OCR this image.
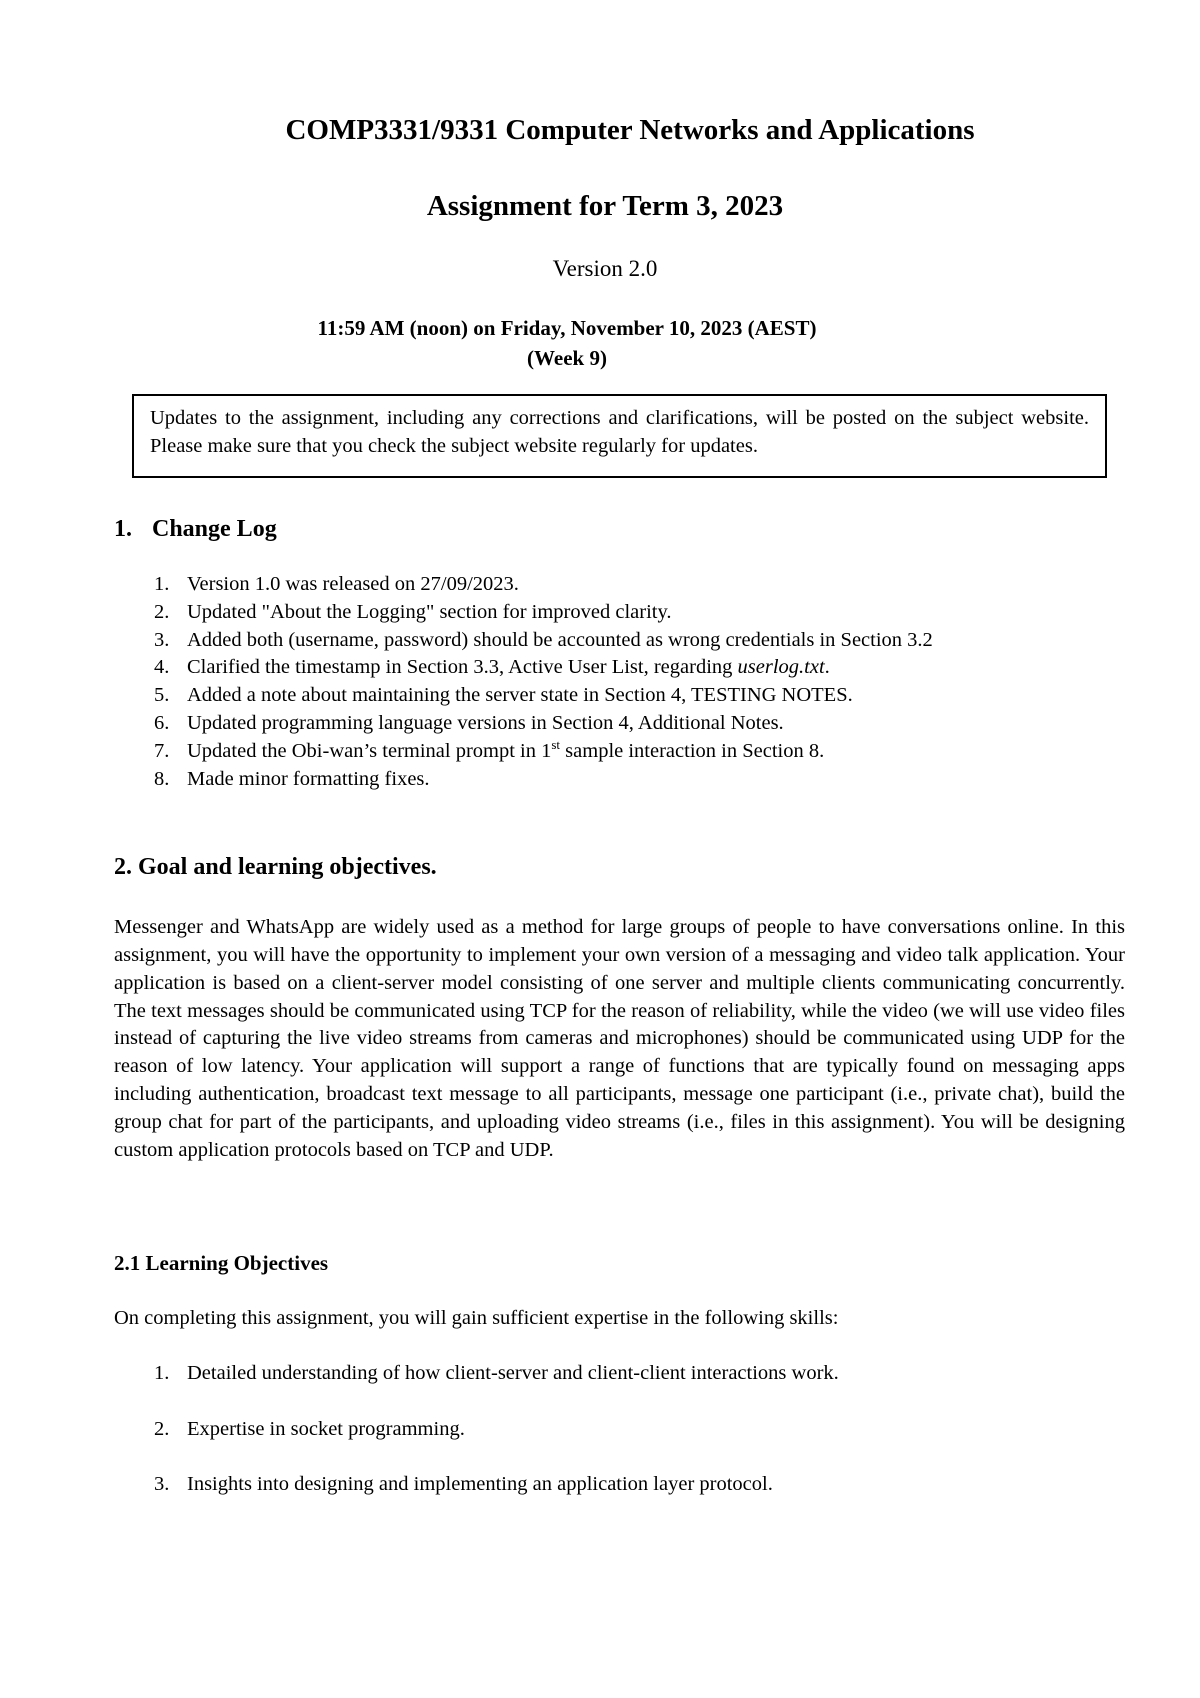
COMP3331/9331 Computer Networks and Applications
Assignment for Term 3, 2023

Version 2.0

11:59 AM (noon) on Friday, November 10, 2023 (AEST)

(Week 9)

Updates to the assignment, including any corrections and clarifications, will be posted on the subject website. Please make sure that you check the subject website regularly for updates.
1. Change Log
1. Version 1.0 was released on 27/09/2023.
2. Updated "About the Logging" section for improved clarity.
3. Added both (username, password) should be accounted as wrong credentials in Section 3.2
4. Clarified the timestamp in Section 3.3, Active User List, regarding userlog.txt.
5. Added a note about maintaining the server state in Section 4, TESTING NOTES.
6. Updated programming language versions in Section 4, Additional Notes.
7. Updated the Obi-wan’s terminal prompt in 1st sample interaction in Section 8.
8. Made minor formatting fixes.
2. Goal and learning objectives.

Messenger and WhatsApp are widely used as a method for large groups of people to have conversations online. In this assignment, you will have the opportunity to implement your own version of a messaging and video talk application. Your application is based on a client-server model consisting of one server and multiple clients communicating concurrently. The text messages should be communicated using TCP for the reason of reliability, while the video (we will use video files instead of capturing the live video streams from cameras and microphones) should be communicated using UDP for the reason of low latency. Your application will support a range of functions that are typically found on messaging apps including authentication, broadcast text message to all participants, message one participant (i.e., private chat), build the group chat for part of the participants, and uploading video streams (i.e., files in this assignment). You will be designing custom application protocols based on TCP and UDP.

2.1 Learning Objectives

On completing this assignment, you will gain sufficient expertise in the following skills:

1. Detailed understanding of how client-server and client-client interactions work.
2. Expertise in socket programming.
3. Insights into designing and implementing an application layer protocol.
